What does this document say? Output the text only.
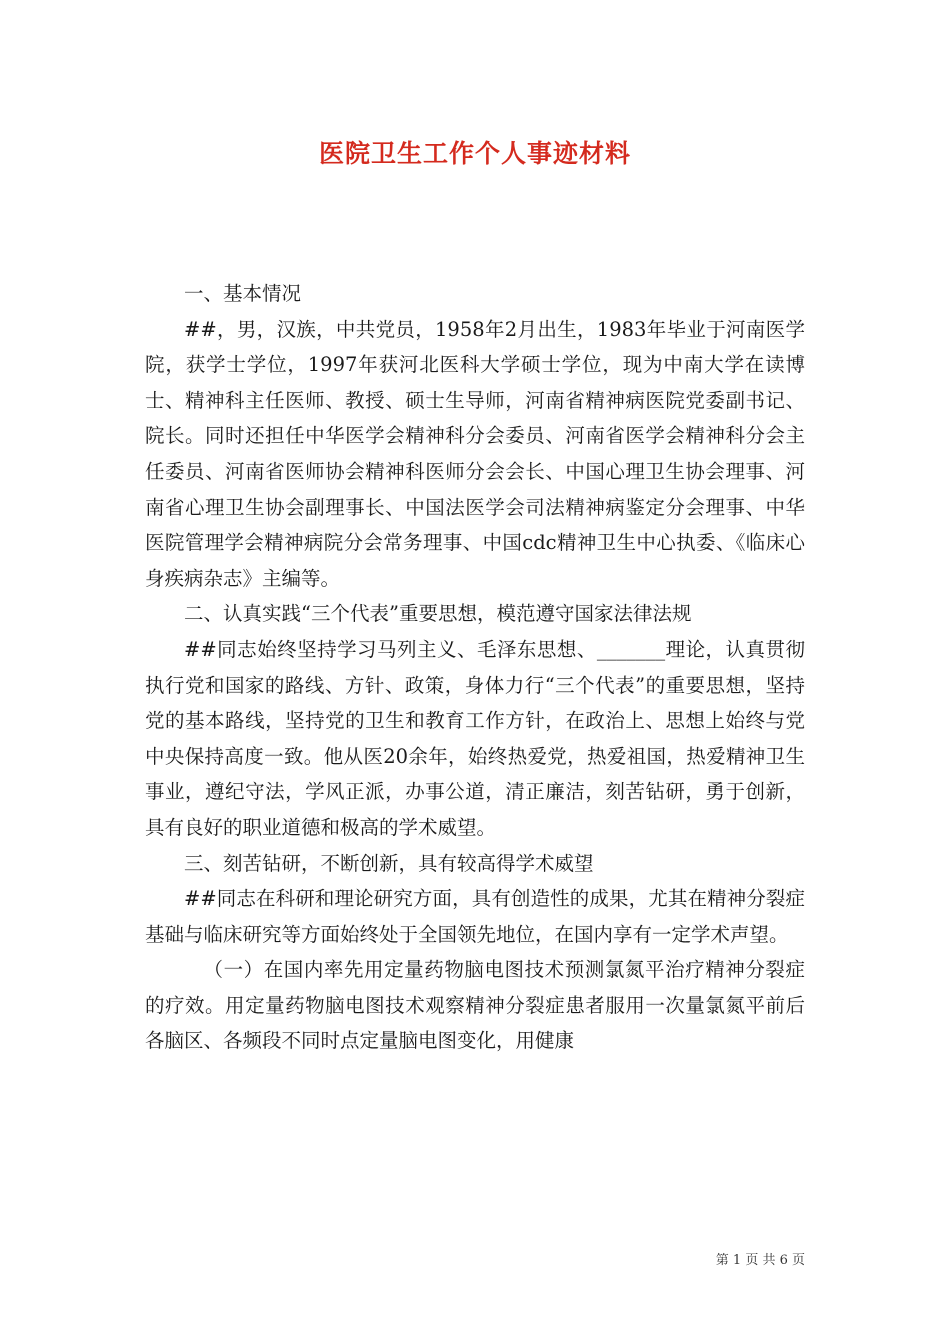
医院卫生工作个人事迹材料

一、基本情况

##，男，汉族，中共党员，1958年2月出生，1983年毕业于河南医学院，获学士学位，1997年获河北医科大学硕士学位，现为中南大学在读博士、精神科主任医师、教授、硕士生导师，河南省精神病医院党委副书记、院长。同时还担任中华医学会精神科分会委员、河南省医学会精神科分会主任委员、河南省医师协会精神科医师分会会长、中国心理卫生协会理事、河南省心理卫生协会副理事长、中国法医学会司法精神病鉴定分会理事、中华医院管理学会精神病院分会常务理事、中国cdc精神卫生中心执委、《临床心身疾病杂志》主编等。

二、认真实践“三个代表”重要思想，模范遵守国家法律法规

##同志始终坚持学习马列主义、毛泽东思想、_______理论，认真贯彻执行党和国家的路线、方针、政策，身体力行“三个代表”的重要思想，坚持党的基本路线，坚持党的卫生和教育工作方针，在政治上、思想上始终与党中央保持高度一致。他从医20余年，始终热爱党，热爱祖国，热爱精神卫生事业，遵纪守法，学风正派，办事公道，清正廉洁，刻苦钻研，勇于创新，具有良好的职业道德和极高的学术威望。

三、刻苦钻研，不断创新，具有较高得学术威望

##同志在科研和理论研究方面，具有创造性的成果，尤其在精神分裂症基础与临床研究等方面始终处于全国领先地位，在国内享有一定学术声望。

（一）在国内率先用定量药物脑电图技术预测氯氮平治疗精神分裂症的疗效。用定量药物脑电图技术观察精神分裂症患者服用一次量氯氮平前后各脑区、各频段不同时点定量脑电图变化，用健康

第 1 页 共 6 页
